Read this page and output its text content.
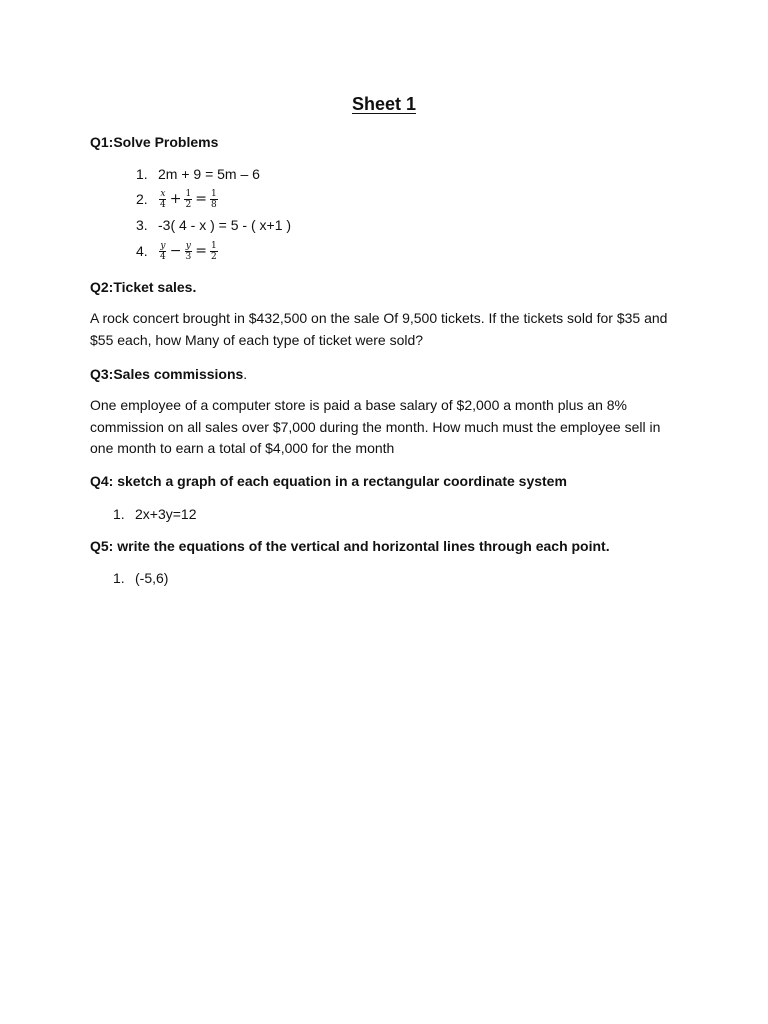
Sheet 1
Q1:Solve Problems
1. 2m + 9 = 5m – 6
2.	$\frac{x}{4} + \frac{1}{2} = \frac{1}{8}$
3. -3( 4 - x ) = 5 - ( x+1 )
4.	$\frac{y}{4} - \frac{y}{3} = \frac{1}{2}$
Q2:Ticket sales.
A rock concert brought in $432,500 on the sale Of 9,500 tickets. If the tickets sold for $35 and $55 each, how Many of each type of ticket were sold?
Q3:Sales commissions.
One employee of a computer store is paid a base salary of $2,000 a month plus an 8% commission on all sales over $7,000 during the month. How much must the employee sell in one month to earn a total of $4,000 for the month
Q4: sketch a graph of each equation in a rectangular coordinate system
1. 2x+3y=12
Q5: write the equations of the vertical and horizontal lines through each point.
1. (-5,6)
